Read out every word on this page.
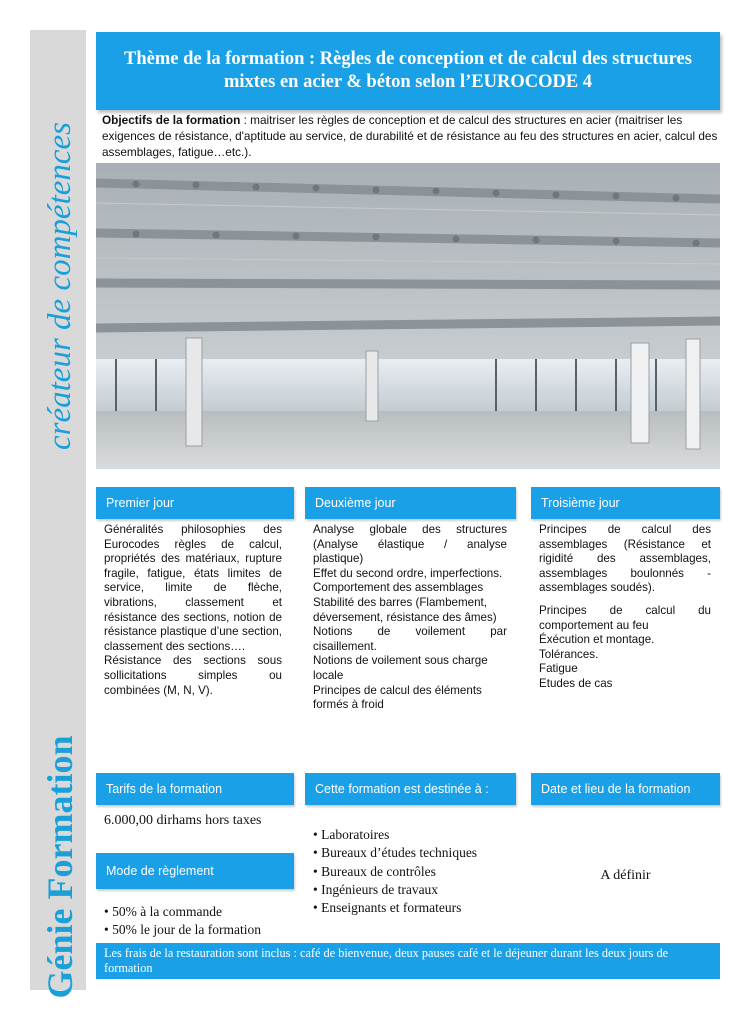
créateur de compétences
Génie Formation
Thème de la formation : Règles de conception et de calcul des structures mixtes en acier & béton selon l’EUROCODE 4
Objectifs de la formation : maitriser les règles de conception et de calcul des structures en acier (maitriser les exigences de résistance, d'aptitude au service, de durabilité et de résistance au feu des structures en acier, calcul des assemblages, fatigue…etc.).
Premier jour	Deuxième jour	Troisième jour

Généralités philosophies des Eurocodes règles de calcul, propriétés des matériaux, rupture fragile, fatigue, états limites de service, limite de flèche, vibrations, classement et résistance des sections, notion de résistance plastique d’une section, classement des sections….

Résistance des sections sous sollicitations simples ou combinées (M, N, V).

Analyse globale des structures (Analyse élastique / analyse plastique)

Effet du second ordre, imperfections.

Comportement des assemblages

Stabilité des barres (Flambement, déversement, résistance des âmes)

Notions de voilement par cisaillement.

Notions de voilement sous charge locale

Principes de calcul des éléments formés à froid

Principes de calcul des assemblages (Résistance et rigidité des assemblages, assemblages boulonnés - assemblages soudés).

Principes de calcul du comportement au feu

Éxécution et montage.

Tolérances.

Fatigue

Etudes de cas

Tarifs de la formation	Cette formation est destinée à :	Date et lieu de la formation
6.000,00 dirhams hors taxes
Mode de règlement
• 50% à la commande
• 50% le jour de la formation
• Laboratoires
• Bureaux d’études techniques
• Bureaux de contrôles
• Ingénieurs de travaux
• Enseignants et formateurs
A définir
Les frais de la restauration sont inclus : café de bienvenue, deux pauses café et le déjeuner durant les deux jours de formation
